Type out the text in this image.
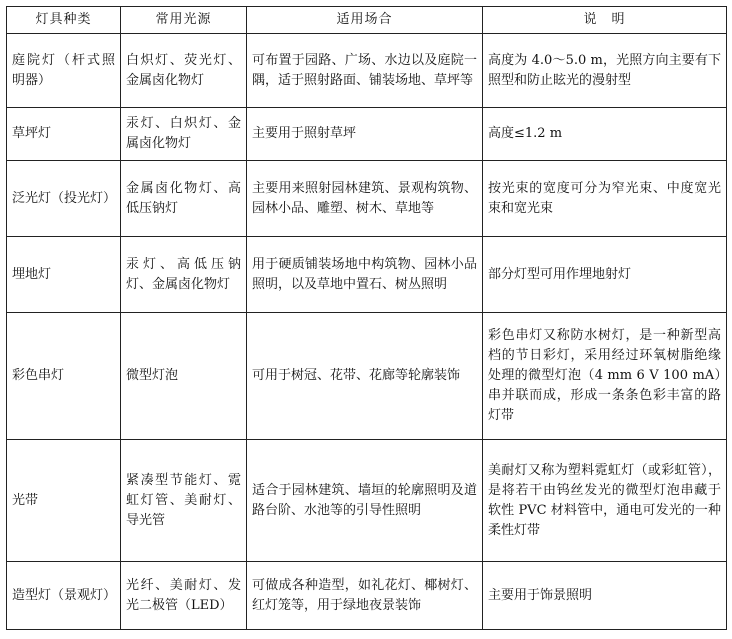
灯具种类	常用光源	适用场合	说　明
庭院灯（杆式照明器）	白炽灯、荧光灯、金属卤化物灯	可布置于园路、广场、水边以及庭院一隅，适于照射路面、铺装场地、草坪等	高度为 4.0～5.0 m，光照方向主要有下照型和防止眩光的漫射型
草坪灯	汞灯、白炽灯、金属卤化物灯	主要用于照射草坪	高度≤1.2 m
泛光灯（投光灯）	金属卤化物灯、高低压钠灯	主要用来照射园林建筑、景观构筑物、园林小品、雕塑、树木、草地等	按光束的宽度可分为窄光束、中度宽光束和宽光束
埋地灯	汞灯、高低压钠灯、金属卤化物灯	用于硬质铺装场地中构筑物、园林小品照明，以及草地中置石、树丛照明	部分灯型可用作埋地射灯
彩色串灯	微型灯泡	可用于树冠、花带、花廊等轮廓装饰	彩色串灯又称防水树灯，是一种新型高档的节日彩灯，采用经过环氧树脂绝缘处理的微型灯泡（4 mm 6 V 100 mA）串并联而成，形成一条条色彩丰富的路灯带
光带	紧凑型节能灯、霓虹灯管、美耐灯、导光管	适合于园林建筑、墙垣的轮廓照明及道路台阶、水池等的引导性照明	美耐灯又称为塑料霓虹灯（或彩虹管），是将若干由钨丝发光的微型灯泡串藏于软性 PVC 材料管中，通电可发光的一种柔性灯带
造型灯（景观灯）	光纤、美耐灯、发光二极管（LED）	可做成各种造型，如礼花灯、椰树灯、红灯笼等，用于绿地夜景装饰	主要用于饰景照明
